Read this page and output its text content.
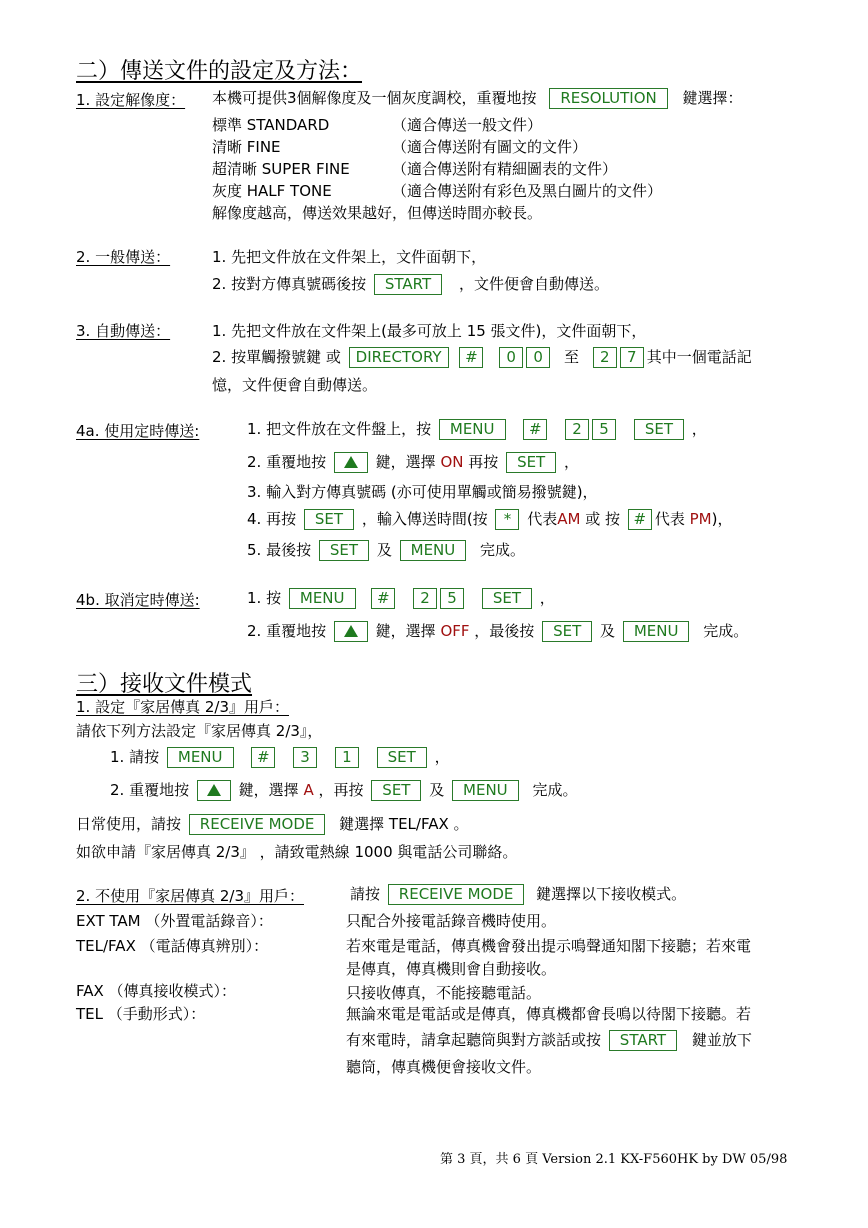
二）傳送文件的設定及方法：
1. 設定解像度： 本機可提供3個解像度及一個灰度調校，重覆地按 RESOLUTION 鍵選擇：
標準 STANDARD	（適合傳送一般文件）
清晰 FINE	（適合傳送附有圖文的文件）
超清晰 SUPER FINE	（適合傳送附有精細圖表的文件）
灰度 HALF TONE	（適合傳送附有彩色及黑白圖片的文件）
解像度越高，傳送效果越好，但傳送時間亦較長。
2. 一般傳送：	1. 先把文件放在文件架上，文件面朝下，
2. 按對方傳真號碼後按 START ，文件便會自動傳送。
3. 自動傳送：	1. 先把文件放在文件架上(最多可放上 15 張文件)，文件面朝下，
2. 按單觸撥號鍵 或 DIRECTORY # 0 0 至 2 7 其中一個電話記
憶，文件便會自動傳送。
4a. 使用定時傳送:	1. 把文件放在文件盤上，按 MENU # 2 5 SET ，
2. 重覆地按	鍵，選擇 ON 再按 SET ，
3. 輸入對方傳真號碼 (亦可使用單觸或簡易撥號鍵)，
4. 再按 SET ，輸入傳送時間(按 * 代表AM 或 按 # 代表 PM)，
5. 最後按 SET 及 MENU 完成。
4b. 取消定時傳送:	1. 按 MENU # 2 5 SET ，
2. 重覆地按	鍵，選擇 OFF ，最後按 SET 及 MENU 完成。
三）接收文件模式
1. 設定『家居傳真 2/3』用戶：
請依下列方法設定『家居傳真 2/3』，
1. 請按 MENU # 3 1 SET ，
2. 重覆地按	鍵，選擇 A ，再按 SET 及 MENU 完成。
日常使用，請按 RECEIVE MODE 鍵選擇 TEL/FAX 。
如欲申請『家居傳真 2/3』 ，請致電熱線 1000 與電話公司聯絡。
2. 不使用『家居傳真 2/3』用戶：	請按 RECEIVE MODE 鍵選擇以下接收模式。
EXT TAM （外置電話錄音）：	只配合外接電話錄音機時使用。
TEL/FAX （電話傳真辨別）：	若來電是電話，傳真機會發出提示鳴聲通知閣下接聽；若來電
是傳真，傳真機則會自動接收。
FAX （傳真接收模式）：	只接收傳真，不能接聽電話。
TEL （手動形式）：	無論來電是電話或是傳真，傳真機都會長鳴以待閣下接聽。若
有來電時，請拿起聽筒與對方談話或按 START 鍵並放下
聽筒，傳真機便會接收文件。
第 3 頁，共 6 頁 Version 2.1 KX-F560HK by DW 05/98
